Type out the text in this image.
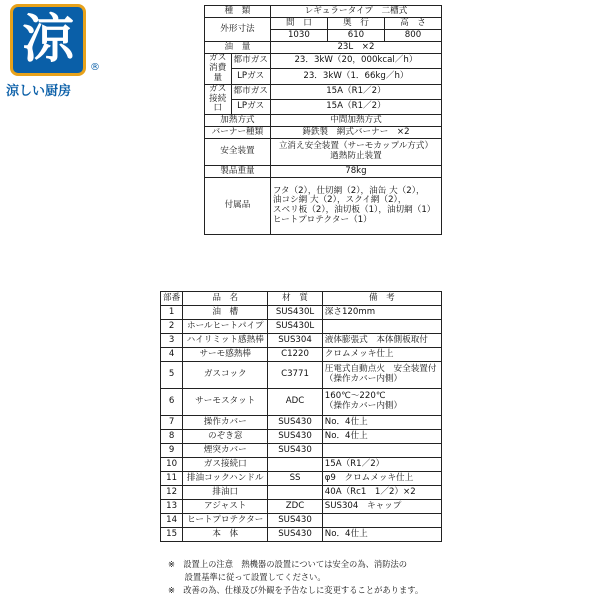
涼	®
涼しい厨房
種　類		レギュラータイプ　二槽式		
外形寸法		間　口	奥　行	高　さ
		1030	610	800
油　量		23L　×2		
ガス消費量	都市ガス	23．3kW（20，000kcal／h）		
	LPガス	23．3kW（1．66kg／h）		
ガス接続口	都市ガス	15A（R1／2）		
	LPガス	15A（R1／2）		
加熱方式		中間加熱方式		
バーナー種類		鋳鉄製　網式バーナー　×2		
安全装置		立消え安全装置（サーモカップル方式）
過熱防止装置		

製品重量		78kg		
付属品		フタ（2），仕切網（2），油缶 大（2），
油コシ網 大（2），スクイ網（2），
スベリ板（2），油切板（1），油切網（1）
ヒートプロテクター（1）		
部番	品　名	材　質	備　考
1	油　槽	SUS430L	深さ120mm

2	ホールヒートパイプ	SUS430L	

3	ハイリミット感熱棒	SUS304	液体膨張式　本体側板取付

4	サーモ感熱棒	C1220	クロムメッキ仕上

5	ガスコック	C3771	圧電式自動点火　安全装置付
（操作カバー内側）

6	サーモスタット	ADC	160℃〜220℃
（操作カバー内側）

7	操作カバー	SUS430	No．4仕上

8	のぞき窓	SUS430	No．4仕上

9	煙突カバー	SUS430	

10	ガス接続口		15A（R1／2）

11	排油コックハンドル	SS	φ9　クロムメッキ仕上

12	排油口		40A（Rc1　1／2）×2

13	アジャスト	ZDC	SUS304　キャップ

14	ヒートプロテクター	SUS430	

15	本　体	SUS430	No．4仕上
※　設置上の注意　熱機器の設置については安全の為、消防法の
　　設置基準に従って設置してください。
※　改善の為、仕様及び外観を予告なしに変更することがあります。
